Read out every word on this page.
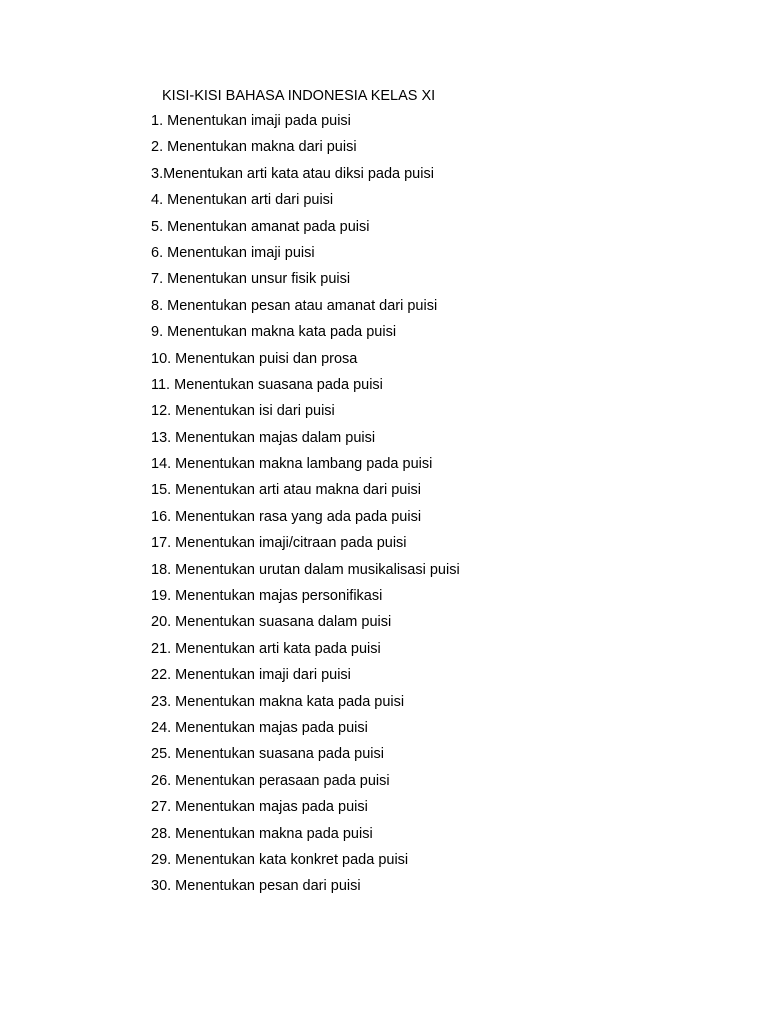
KISI-KISI BAHASA INDONESIA KELAS XI
1. Menentukan imaji pada puisi
2. Menentukan makna dari puisi
3.Menentukan arti kata atau diksi pada puisi
4. Menentukan arti dari puisi
5. Menentukan amanat pada puisi
6. Menentukan imaji puisi
7. Menentukan unsur fisik puisi
8. Menentukan pesan atau amanat dari puisi
9. Menentukan makna kata pada puisi
10. Menentukan puisi dan prosa
11. Menentukan suasana pada puisi
12. Menentukan isi dari puisi
13. Menentukan majas dalam puisi
14. Menentukan makna lambang pada puisi
15. Menentukan arti atau makna dari puisi
16. Menentukan rasa yang ada pada puisi
17. Menentukan imaji/citraan pada puisi
18. Menentukan urutan dalam musikalisasi puisi
19. Menentukan majas personifikasi
20. Menentukan suasana dalam puisi
21. Menentukan arti kata pada puisi
22. Menentukan imaji dari puisi
23. Menentukan makna kata pada puisi
24. Menentukan majas pada puisi
25. Menentukan suasana pada puisi
26. Menentukan perasaan pada puisi
27. Menentukan majas pada puisi
28. Menentukan makna pada puisi
29. Menentukan kata konkret pada puisi
30. Menentukan pesan dari puisi
